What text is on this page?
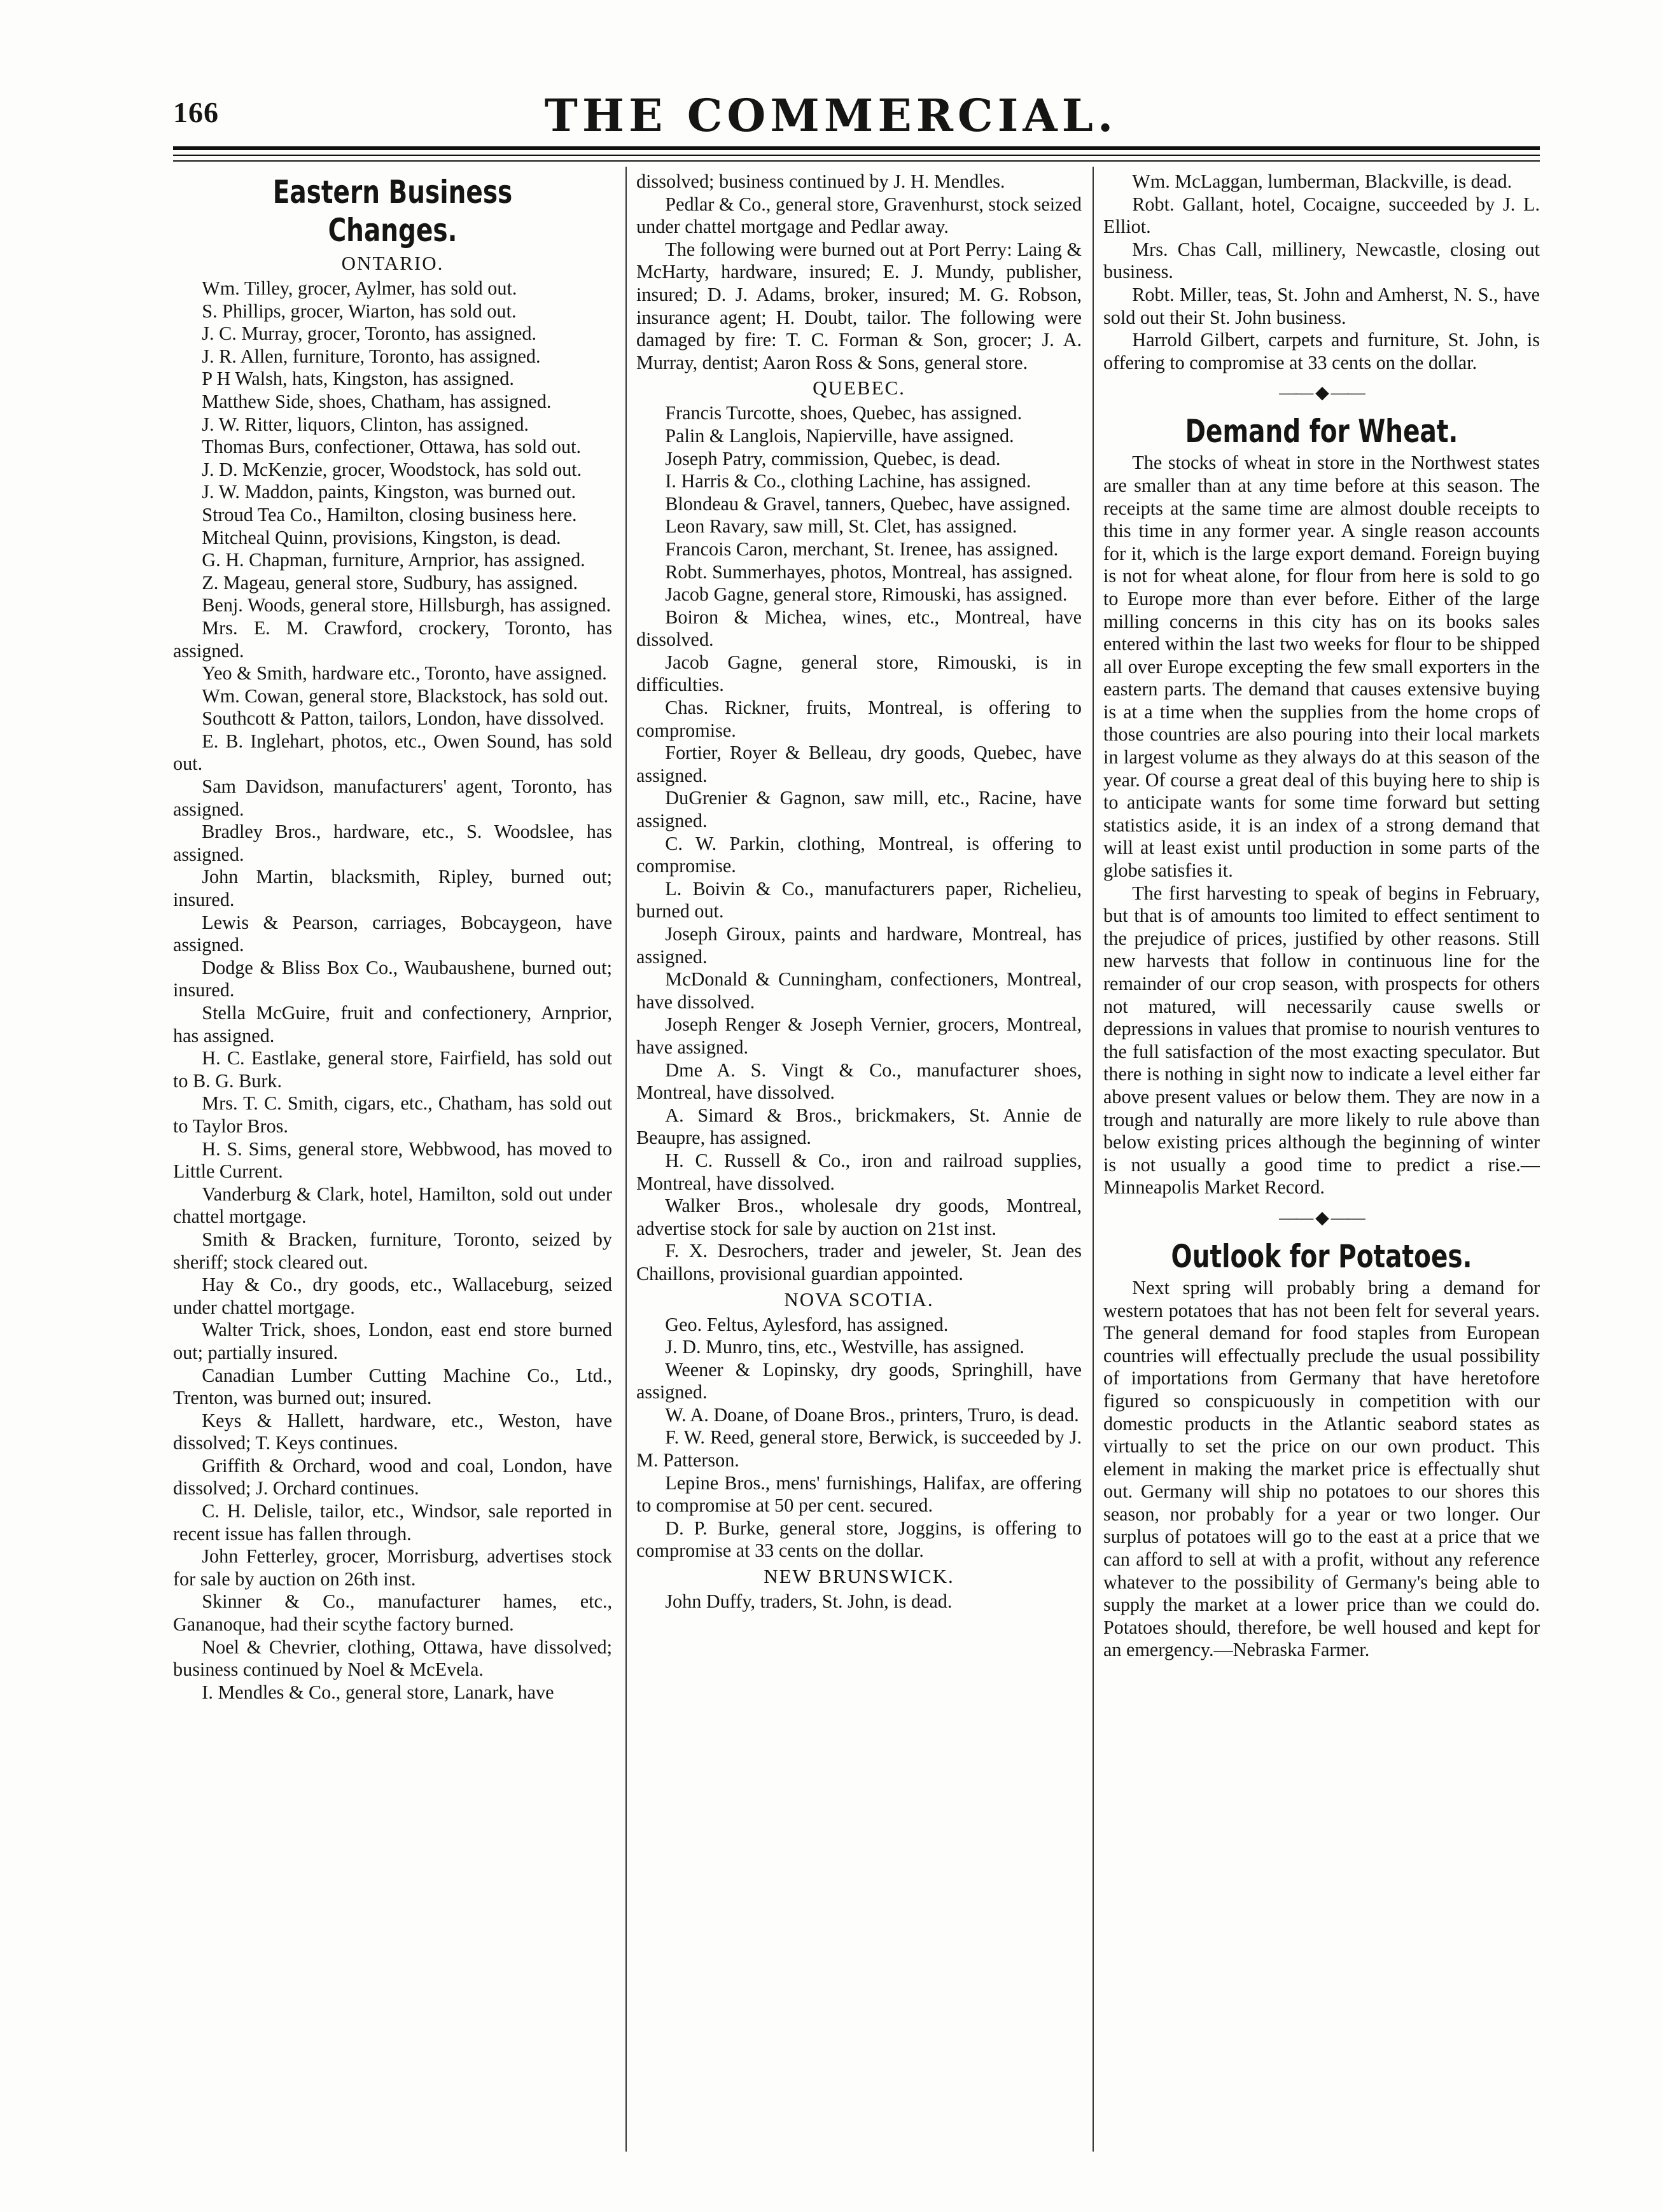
166	THE COMMERCIAL.
Eastern Business Changes.
ONTARIO.

Wm. Tilley, grocer, Aylmer, has sold out.

S. Phillips, grocer, Wiarton, has sold out.

J. C. Murray, grocer, Toronto, has assigned.

J. R. Allen, furniture, Toronto, has assigned.

P H Walsh, hats, Kingston, has assigned.

Matthew Side, shoes, Chatham, has assigned.

J. W. Ritter, liquors, Clinton, has assigned.

Thomas Burs, confectioner, Ottawa, has sold out.

J. D. McKenzie, grocer, Woodstock, has sold out.

J. W. Maddon, paints, Kingston, was burned out.

Stroud Tea Co., Hamilton, closing business here.

Mitcheal Quinn, provisions, Kingston, is dead.

G. H. Chapman, furniture, Arnprior, has assigned.

Z. Mageau, general store, Sudbury, has assigned.

Benj. Woods, general store, Hillsburgh, has assigned.

Mrs. E. M. Crawford, crockery, Toronto, has assigned.

Yeo & Smith, hardware etc., Toronto, have assigned.

Wm. Cowan, general store, Blackstock, has sold out.

Southcott & Patton, tailors, London, have dissolved.

E. B. Inglehart, photos, etc., Owen Sound, has sold out.

Sam Davidson, manufacturers' agent, Toronto, has assigned.

Bradley Bros., hardware, etc., S. Woodslee, has assigned.

John Martin, blacksmith, Ripley, burned out; insured.

Lewis & Pearson, carriages, Bobcaygeon, have assigned.

Dodge & Bliss Box Co., Waubaushene, burned out; insured.

Stella McGuire, fruit and confectionery, Arnprior, has assigned.

H. C. Eastlake, general store, Fairfield, has sold out to B. G. Burk.

Mrs. T. C. Smith, cigars, etc., Chatham, has sold out to Taylor Bros.

H. S. Sims, general store, Webbwood, has moved to Little Current.

Vanderburg & Clark, hotel, Hamilton, sold out under chattel mortgage.

Smith & Bracken, furniture, Toronto, seized by sheriff; stock cleared out.

Hay & Co., dry goods, etc., Wallaceburg, seized under chattel mortgage.

Walter Trick, shoes, London, east end store burned out; partially insured.

Canadian Lumber Cutting Machine Co., Ltd., Trenton, was burned out; insured.

Keys & Hallett, hardware, etc., Weston, have dissolved; T. Keys continues.

Griffith & Orchard, wood and coal, London, have dissolved; J. Orchard continues.

C. H. Delisle, tailor, etc., Windsor, sale reported in recent issue has fallen through.

John Fetterley, grocer, Morrisburg, advertises stock for sale by auction on 26th inst.

Skinner & Co., manufacturer hames, etc., Gananoque, had their scythe factory burned.

Noel & Chevrier, clothing, Ottawa, have dissolved; business continued by Noel & McEvela.

I. Mendles & Co., general store, Lanark, have

dissolved; business continued by J. H. Mendles.

Pedlar & Co., general store, Gravenhurst, stock seized under chattel mortgage and Pedlar away.

The following were burned out at Port Perry: Laing & McHarty, hardware, insured; E. J. Mundy, publisher, insured; D. J. Adams, broker, insured; M. G. Robson, insurance agent; H. Doubt, tailor. The following were damaged by fire: T. C. Forman & Son, grocer; J. A. Murray, dentist; Aaron Ross & Sons, general store.

QUEBEC.

Francis Turcotte, shoes, Quebec, has assigned.

Palin & Langlois, Napierville, have assigned.

Joseph Patry, commission, Quebec, is dead.

I. Harris & Co., clothing Lachine, has assigned.

Blondeau & Gravel, tanners, Quebec, have assigned.

Leon Ravary, saw mill, St. Clet, has assigned.

Francois Caron, merchant, St. Irenee, has assigned.

Robt. Summerhayes, photos, Montreal, has assigned.

Jacob Gagne, general store, Rimouski, has assigned.

Boiron & Michea, wines, etc., Montreal, have dissolved.

Jacob Gagne, general store, Rimouski, is in difficulties.

Chas. Rickner, fruits, Montreal, is offering to compromise.

Fortier, Royer & Belleau, dry goods, Quebec, have assigned.

DuGrenier & Gagnon, saw mill, etc., Racine, have assigned.

C. W. Parkin, clothing, Montreal, is offering to compromise.

L. Boivin & Co., manufacturers paper, Richelieu, burned out.

Joseph Giroux, paints and hardware, Montreal, has assigned.

McDonald & Cunningham, confectioners, Montreal, have dissolved.

Joseph Renger & Joseph Vernier, grocers, Montreal, have assigned.

Dme A. S. Vingt & Co., manufacturer shoes, Montreal, have dissolved.

A. Simard & Bros., brickmakers, St. Annie de Beaupre, has assigned.

H. C. Russell & Co., iron and railroad supplies, Montreal, have dissolved.

Walker Bros., wholesale dry goods, Montreal, advertise stock for sale by auction on 21st inst.

F. X. Desrochers, trader and jeweler, St. Jean des Chaillons, provisional guardian appointed.

NOVA SCOTIA.

Geo. Feltus, Aylesford, has assigned.

J. D. Munro, tins, etc., Westville, has assigned.

Weener & Lopinsky, dry goods, Springhill, have assigned.

W. A. Doane, of Doane Bros., printers, Truro, is dead.

F. W. Reed, general store, Berwick, is succeeded by J. M. Patterson.

Lepine Bros., mens' furnishings, Halifax, are offering to compromise at 50 per cent. secured.

D. P. Burke, general store, Joggins, is offering to compromise at 33 cents on the dollar.

NEW BRUNSWICK.

John Duffy, traders, St. John, is dead.

Wm. McLaggan, lumberman, Blackville, is dead.

Robt. Gallant, hotel, Cocaigne, succeeded by J. L. Elliot.

Mrs. Chas Call, millinery, Newcastle, closing out business.

Robt. Miller, teas, St. John and Amherst, N. S., have sold out their St. John business.

Harrold Gilbert, carpets and furniture, St. John, is offering to compromise at 33 cents on the dollar.

—— ◆ ——
Demand for Wheat.

The stocks of wheat in store in the Northwest states are smaller than at any time before at this season. The receipts at the same time are almost double receipts to this time in any former year. A single reason accounts for it, which is the large export demand. Foreign buying is not for wheat alone, for flour from here is sold to go to Europe more than ever before. Either of the large milling concerns in this city has on its books sales entered within the last two weeks for flour to be shipped all over Europe excepting the few small exporters in the eastern parts. The demand that causes extensive buying is at a time when the supplies from the home crops of those countries are also pouring into their local markets in largest volume as they always do at this season of the year. Of course a great deal of this buying here to ship is to anticipate wants for some time forward but setting statistics aside, it is an index of a strong demand that will at least exist until production in some parts of the globe satisfies it.

The first harvesting to speak of begins in February, but that is of amounts too limited to effect sentiment to the prejudice of prices, justified by other reasons. Still new harvests that follow in continuous line for the remainder of our crop season, with prospects for others not matured, will necessarily cause swells or depressions in values that promise to nourish ventures to the full satisfaction of the most exacting speculator. But there is nothing in sight now to indicate a level either far above present values or below them. They are now in a trough and naturally are more likely to rule above than below existing prices although the beginning of winter is not usually a good time to predict a rise.—Minneapolis Market Record.

—— ◆ ——
Outlook for Potatoes.

Next spring will probably bring a demand for western potatoes that has not been felt for several years. The general demand for food staples from European countries will effectually preclude the usual possibility of importations from Germany that have heretofore figured so conspicuously in competition with our domestic products in the Atlantic seabord states as virtually to set the price on our own product. This element in making the market price is effectually shut out. Germany will ship no potatoes to our shores this season, nor probably for a year or two longer. Our surplus of potatoes will go to the east at a price that we can afford to sell at with a profit, without any reference whatever to the possibility of Germany's being able to supply the market at a lower price than we could do. Potatoes should, therefore, be well housed and kept for an emergency.—Nebraska Farmer.
